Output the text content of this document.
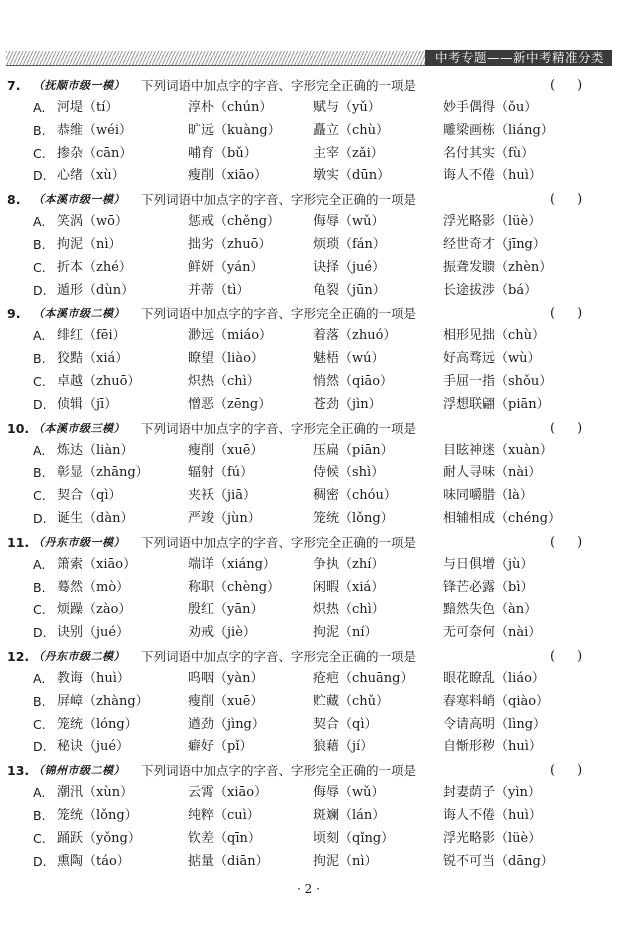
中考专题——新中考精准分类
7. （抚顺市级一模） 下列词语中加点字的字音、字形完全正确的一项是	( )
A. 河堤（tí）	淳朴（chún）	赋与（yǔ）	妙手偶得（ǒu）
B. 恭维（wéi）	旷远（kuàng） 矗立（chù）	雕梁画栋（liáng）
C. 掺杂（cān）	哺育（bǔ）	主宰（zǎi）	名付其实（fù）
D. 心绪（xù）	瘦削（xiāo）	墩实（dūn）	诲人不倦（huì）
8. （本溪市级一模） 下列词语中加点字的字音、字形完全正确的一项是	( )
A. 笑涡（wō）	惩戒（chěng）	侮辱（wǔ）	浮光略影（lüè）
B. 拘泥（nì）	拙劣（zhuō）	烦琐（fán）	经世奇才（jīng）
C. 折本（zhé）	鲜妍（yán）	诀择（jué）	振聋发聩（zhèn）
D. 遁形（dùn）	并蒂（tì）	龟裂（jūn）	长途拔涉（bá）
9. （本溪市级二模） 下列词语中加点字的字音、字形完全正确的一项是	( )
A. 绯红（fēi）	渺远（miáo）	着落（zhuó）	相形见拙（chù）
B. 狡黠（xiá）	瞭望（liào）	魅梧（wú）	好高骛远（wù）
C. 卓越（zhuō）	炽热（chì）	悄然（qiāo）	手屈一指（shǒu）
D. 侦辑（jī）	憎恶（zēng）	苍劲（jìn）	浮想联翩（piān）
10. （本溪市级三模） 下列词语中加点字的字音、字形完全正确的一项是	( )
A. 炼达（liàn）	瘦削（xuē）	压扁（piān）	目眩神迷（xuàn）
B. 彰显（zhāng）	辐射（fú）	侍候（shì）	耐人寻味（nài）
C. 契合（qì）	夹袄（jiā）	稠密（chóu）	味同嚼腊（là）
D. 诞生（dàn）	严竣（jùn）	笼统（lǒng）	相辅相成（chéng）
11. （丹东市级一模） 下列词语中加点字的字音、字形完全正确的一项是	( )
A. 箫索（xiāo）	端详（xiáng）	争执（zhí）	与日俱增（jù）
B. 蓦然（mò）	称职（chèng）	闲暇（xiá）	锋芒必露（bì）
C. 烦躁（zào）	殷红（yān）	炽热（chì）	黯然失色（àn）
D. 诀别（jué）	劝戒（jiè）	拘泥（ní）	无可奈何（nài）
12. （丹东市级二模） 下列词语中加点字的字音、字形完全正确的一项是	( )
A. 教诲（huì）	呜咽（yàn）	疮疤（chuāng） 眼花瞭乱（liáo）
B. 屏嶂（zhàng）	瘦削（xuē）	贮藏（chǔ）	春寒料峭（qiào）
C. 笼统（lóng）	遒劲（jìng）	契合（qì）	令请高明（lìng）
D. 秘诀（jué）	癖好（pǐ）	狼藉（jí）	自惭形秽（huì）
13. （锦州市级二模） 下列词语中加点字的字音、字形完全正确的一项是	( )
A. 潮汛（xùn）	云霄（xiāo）	侮辱（wǔ）	封妻荫子（yìn）
B. 笼统（lǒng）	纯粹（cuì）	斑斓（lán）	诲人不倦（huì）
C. 踊跃（yǒng）	钦差（qīn）	顷刻（qǐng）	浮光略影（lüè）
D. 熏陶（táo）	掂量（diān）	拘泥（nì）	锐不可当（dāng）
· 2 ·
